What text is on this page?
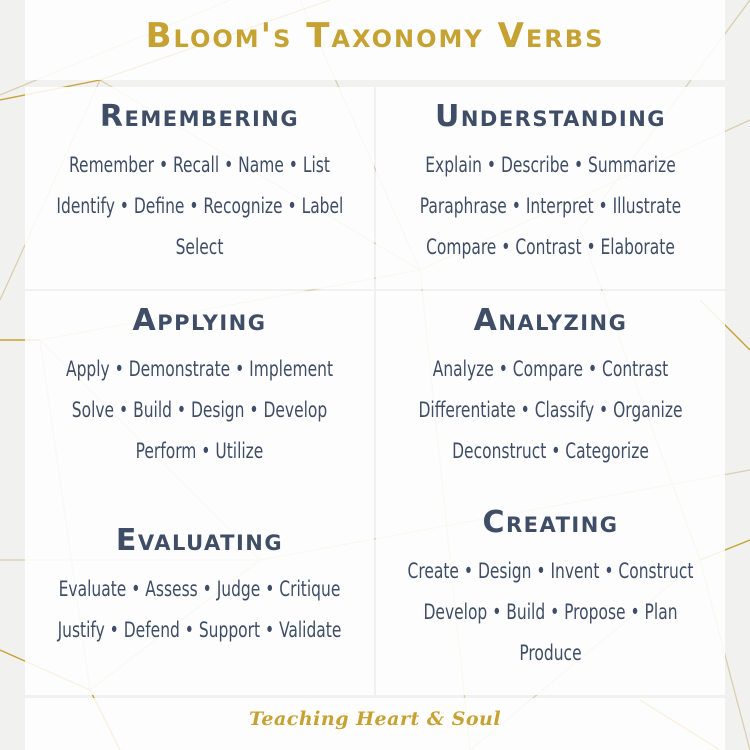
Bloom's Taxonomy Verbs
Remembering
Remember • Recall • Name • List
Identify • Define • Recognize • Label
Select
Understanding
Explain • Describe • Summarize
Paraphrase • Interpret • Illustrate
Compare • Contrast • Elaborate
Applying
Apply • Demonstrate • Implement
Solve • Build • Design • Develop
Perform • Utilize
Analyzing
Analyze • Compare • Contrast
Differentiate • Classify • Organize
Deconstruct • Categorize
Evaluating
Evaluate • Assess • Judge • Critique
Justify • Defend • Support • Validate
Creating
Create • Design • Invent • Construct
Develop • Build • Propose • Plan
Produce
Teaching Heart & Soul
